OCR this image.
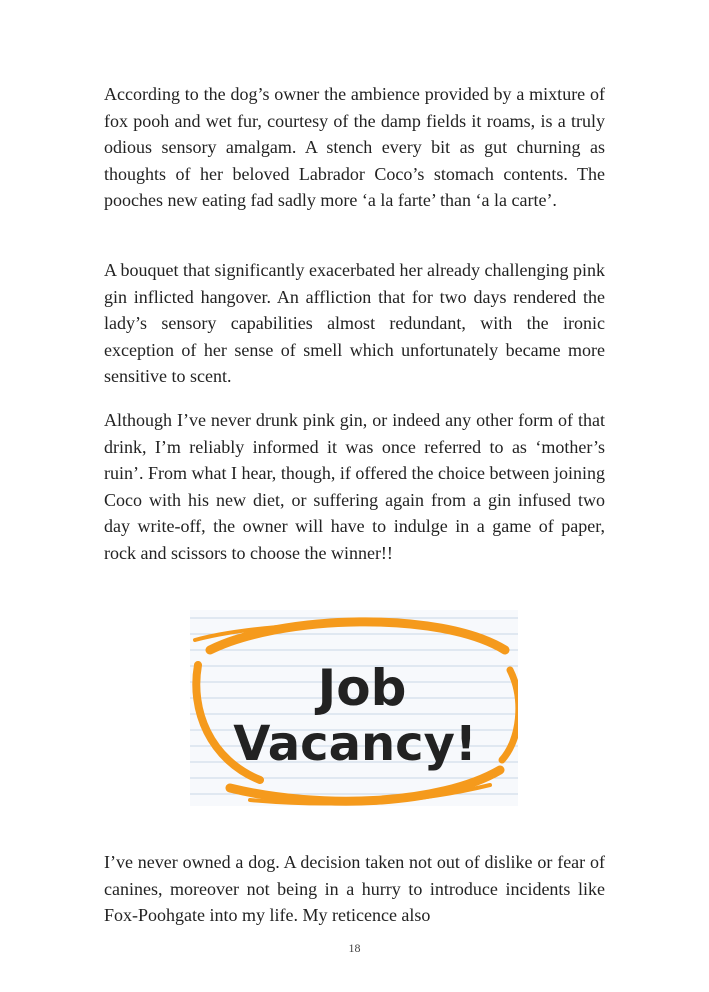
According to the dog’s owner the ambience provided by a mixture of fox pooh and wet fur, courtesy of the damp fields it roams, is a truly odious sensory amalgam. A stench every bit as gut churning as thoughts of her beloved Labrador Coco’s stomach contents. The pooches new eating fad sadly more ‘a la farte’ than ‘a la carte’.

A bouquet that significantly exacerbated her already challenging pink gin inflicted hangover. An affliction that for two days rendered the lady’s sensory capabilities almost redundant, with the ironic exception of her sense of smell which unfortunately became more sensitive to scent.

Although I’ve never drunk pink gin, or indeed any other form of that drink, I’m reliably informed it was once referred to as ‘mother’s ruin’. From what I hear, though, if offered the choice between joining Coco with his new diet, or suffering again from a gin infused two day write-off, the owner will have to indulge in a game of paper, rock and scissors to choose the winner!!

Job
Vacancy!

I’ve never owned a dog. A decision taken not out of dislike or fear of canines, moreover not being in a hurry to introduce incidents like Fox-Poohgate into my life. My reticence also

18
